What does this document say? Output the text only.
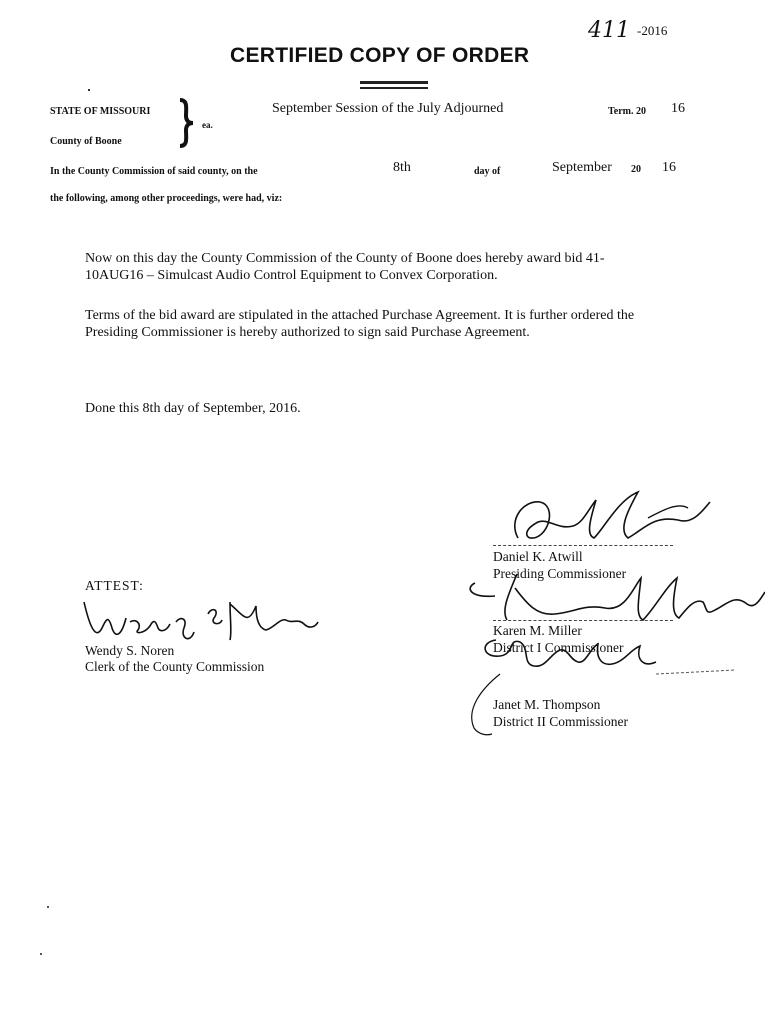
411 -2016
CERTIFIED COPY OF ORDER
STATE OF MISSOURI
County of Boone
ea.
September Session of the July Adjourned	Term. 20 16
In the County Commission of said county, on the	8th	day of	September 20 16
the following, among other proceedings, were had, viz:
Now on this day the County Commission of the County of Boone does hereby award bid 41-10AUG16 – Simulcast Audio Control Equipment to Convex Corporation.
Terms of the bid award are stipulated in the attached Purchase Agreement. It is further ordered the Presiding Commissioner is hereby authorized to sign said Purchase Agreement.
Done this 8th day of September, 2016.
ATTEST:
Wendy S. Noren
Clerk of the County Commission
Daniel K. Atwill
Presiding Commissioner
Karen M. Miller
District I Commissioner
Janet M. Thompson
District II Commissioner
